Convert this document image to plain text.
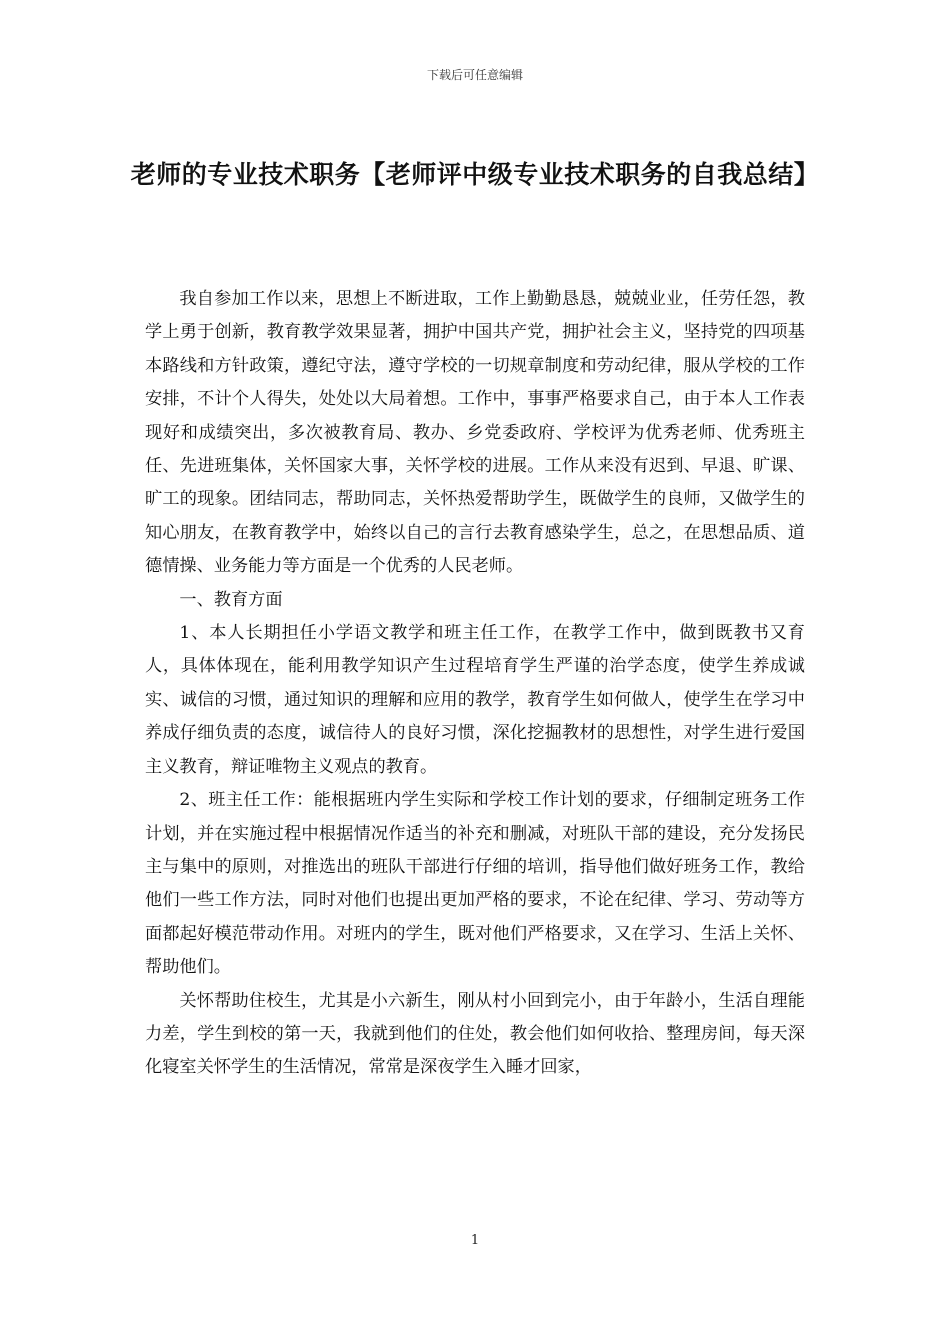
下载后可任意编辑
老师的专业技术职务【老师评中级专业技术职务的自我总结】

我自参加工作以来，思想上不断进取，工作上勤勤恳恳，兢兢业业，任劳任怨，教学上勇于创新，教育教学效果显著，拥护中国共产党，拥护社会主义，坚持党的四项基本路线和方针政策，遵纪守法，遵守学校的一切规章制度和劳动纪律，服从学校的工作安排，不计个人得失，处处以大局着想。工作中，事事严格要求自己，由于本人工作表现好和成绩突出，多次被教育局、教办、乡党委政府、学校评为优秀老师、优秀班主任、先进班集体，关怀国家大事，关怀学校的进展。工作从来没有迟到、早退、旷课、旷工的现象。团结同志，帮助同志，关怀热爱帮助学生，既做学生的良师，又做学生的知心朋友，在教育教学中，始终以自己的言行去教育感染学生，总之，在思想品质、道德情操、业务能力等方面是一个优秀的人民老师。

一、教育方面

1、本人长期担任小学语文教学和班主任工作，在教学工作中，做到既教书又育人，具体体现在，能利用教学知识产生过程培育学生严谨的治学态度，使学生养成诚实、诚信的习惯，通过知识的理解和应用的教学，教育学生如何做人，使学生在学习中养成仔细负责的态度，诚信待人的良好习惯，深化挖掘教材的思想性，对学生进行爱国主义教育，辩证唯物主义观点的教育。

2、班主任工作：能根据班内学生实际和学校工作计划的要求，仔细制定班务工作计划，并在实施过程中根据情况作适当的补充和删减，对班队干部的建设，充分发扬民主与集中的原则，对推选出的班队干部进行仔细的培训，指导他们做好班务工作，教给他们一些工作方法，同时对他们也提出更加严格的要求，不论在纪律、学习、劳动等方面都起好模范带动作用。对班内的学生，既对他们严格要求，又在学习、生活上关怀、帮助他们。

关怀帮助住校生，尤其是小六新生，刚从村小回到完小，由于年龄小，生活自理能力差，学生到校的第一天，我就到他们的住处，教会他们如何收拾、整理房间，每天深化寝室关怀学生的生活情况，常常是深夜学生入睡才回家，

1
